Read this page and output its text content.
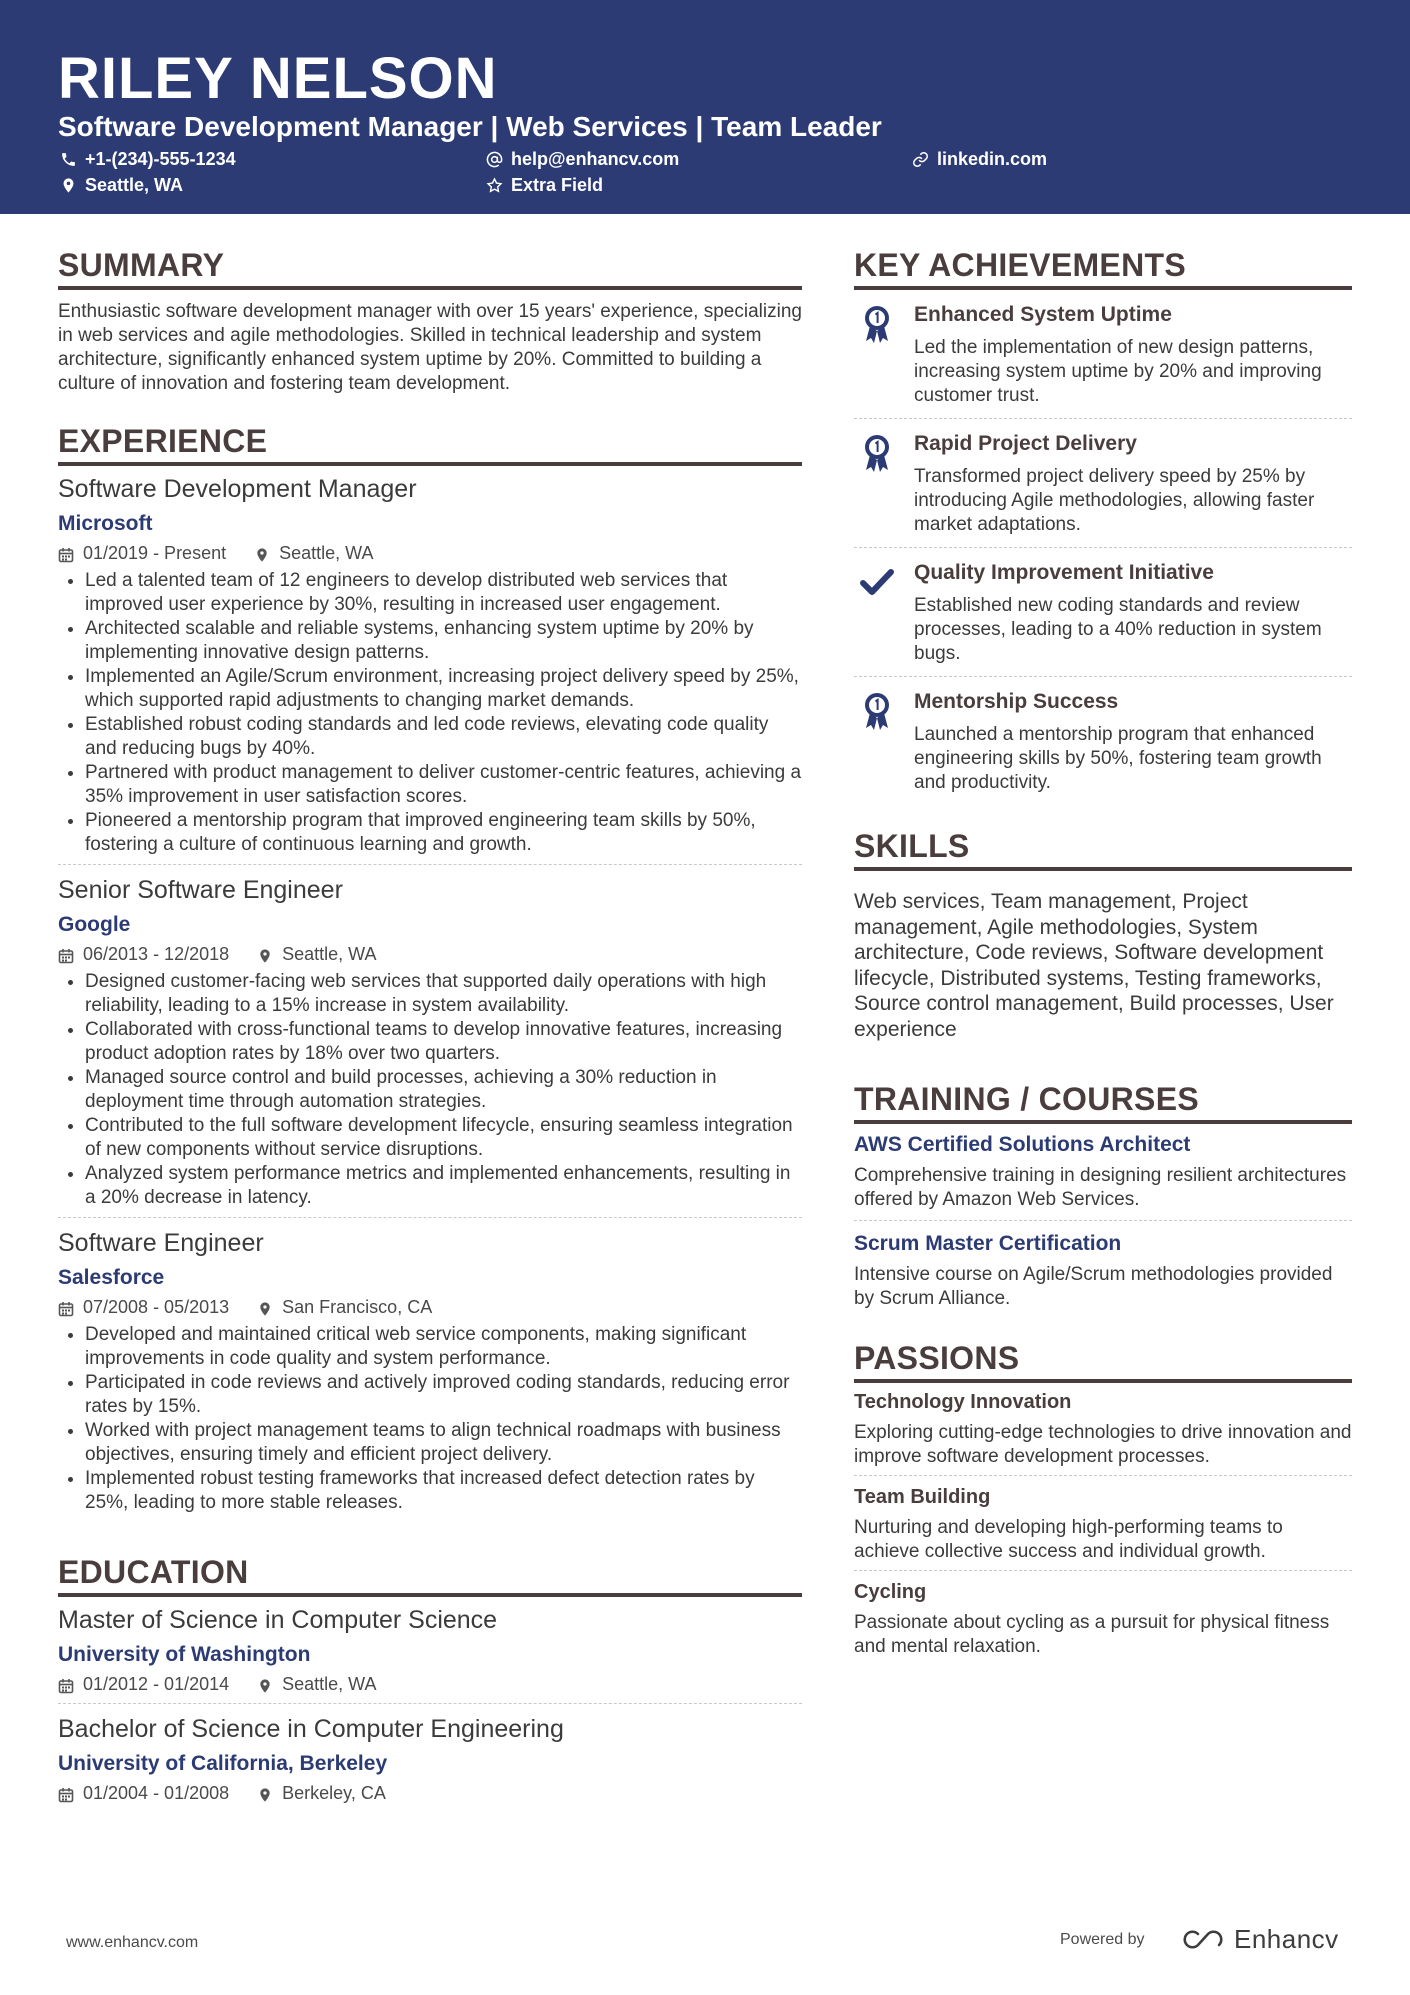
RILEY NELSON
Software Development Manager | Web Services | Team Leader
+1-(234)-555-1234	help@enhancv.com	linkedin.com
Seattle, WA	Extra Field
SUMMARY
Enthusiastic software development manager with over 15 years' experience, specializing in web services and agile methodologies. Skilled in technical leadership and system architecture, significantly enhanced system uptime by 20%. Committed to building a culture of innovation and fostering team development.
EXPERIENCE
Software Development Manager
Microsoft
01/2019 - Present	Seattle, WA
• Led a talented team of 12 engineers to develop distributed web services that improved user experience by 30%, resulting in increased user engagement.
• Architected scalable and reliable systems, enhancing system uptime by 20% by implementing innovative design patterns.
• Implemented an Agile/Scrum environment, increasing project delivery speed by 25%, which supported rapid adjustments to changing market demands.
• Established robust coding standards and led code reviews, elevating code quality and reducing bugs by 40%.
• Partnered with product management to deliver customer-centric features, achieving a 35% improvement in user satisfaction scores.
• Pioneered a mentorship program that improved engineering team skills by 50%, fostering a culture of continuous learning and growth.
Senior Software Engineer
Google
06/2013 - 12/2018	Seattle, WA
• Designed customer-facing web services that supported daily operations with high reliability, leading to a 15% increase in system availability.
• Collaborated with cross-functional teams to develop innovative features, increasing product adoption rates by 18% over two quarters.
• Managed source control and build processes, achieving a 30% reduction in deployment time through automation strategies.
• Contributed to the full software development lifecycle, ensuring seamless integration of new components without service disruptions.
• Analyzed system performance metrics and implemented enhancements, resulting in a 20% decrease in latency.
Software Engineer
Salesforce
07/2008 - 05/2013	San Francisco, CA
• Developed and maintained critical web service components, making significant improvements in code quality and system performance.
• Participated in code reviews and actively improved coding standards, reducing error rates by 15%.
• Worked with project management teams to align technical roadmaps with business objectives, ensuring timely and efficient project delivery.
• Implemented robust testing frameworks that increased defect detection rates by 25%, leading to more stable releases.
EDUCATION
Master of Science in Computer Science
University of Washington
01/2012 - 01/2014	Seattle, WA
Bachelor of Science in Computer Engineering
University of California, Berkeley
01/2004 - 01/2008	Berkeley, CA
KEY ACHIEVEMENTS
Enhanced System Uptime
Led the implementation of new design patterns, increasing system uptime by 20% and improving customer trust.
Rapid Project Delivery
Transformed project delivery speed by 25% by introducing Agile methodologies, allowing faster market adaptations.
Quality Improvement Initiative
Established new coding standards and review processes, leading to a 40% reduction in system bugs.
Mentorship Success
Launched a mentorship program that enhanced engineering skills by 50%, fostering team growth and productivity.
SKILLS
Web services, Team management, Project management, Agile methodologies, System architecture, Code reviews, Software development lifecycle, Distributed systems, Testing frameworks, Source control management, Build processes, User experience
TRAINING / COURSES
AWS Certified Solutions Architect
Comprehensive training in designing resilient architectures offered by Amazon Web Services.
Scrum Master Certification
Intensive course on Agile/Scrum methodologies provided by Scrum Alliance.
PASSIONS
Technology Innovation
Exploring cutting-edge technologies to drive innovation and improve software development processes.
Team Building
Nurturing and developing high-performing teams to achieve collective success and individual growth.
Cycling
Passionate about cycling as a pursuit for physical fitness and mental relaxation.
www.enhancv.com	Powered by	Enhancv
